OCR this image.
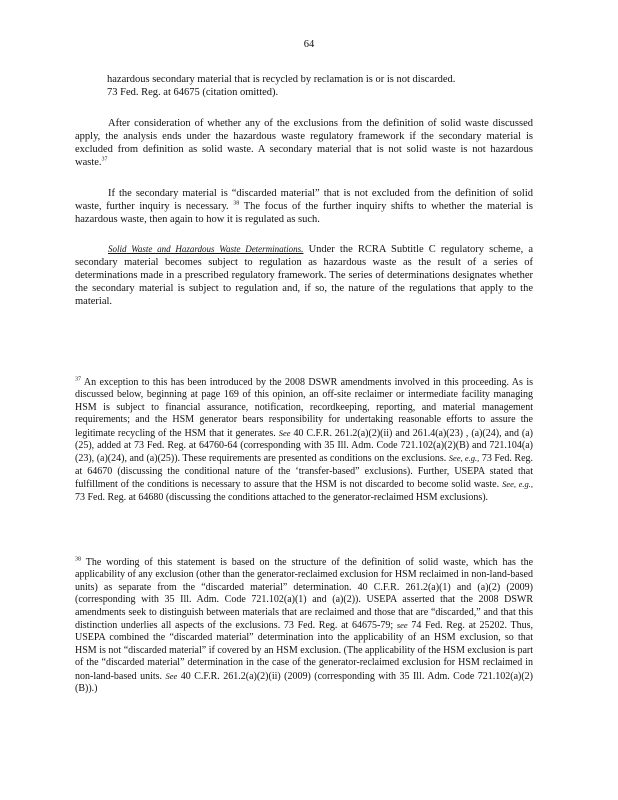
64
hazardous secondary material that is recycled by reclamation is or is not discarded. 73 Fed. Reg. at 64675 (citation omitted).

After consideration of whether any of the exclusions from the definition of solid waste discussed apply, the analysis ends under the hazardous waste regulatory framework if the secondary material is excluded from definition as solid waste. A secondary material that is not solid waste is not hazardous waste.$^{37}$

If the secondary material is “discarded material” that is not excluded from the definition of solid waste, further inquiry is necessary. $^{38}$ The focus of the further inquiry shifts to whether the material is hazardous waste, then again to how it is regulated as such.

Solid Waste and Hazardous Waste Determinations. Under the RCRA Subtitle C regulatory scheme, a secondary material becomes subject to regulation as hazardous waste as the result of a series of determinations made in a prescribed regulatory framework. The series of determinations designates whether the secondary material is subject to regulation and, if so, the nature of the regulations that apply to the material.

$^{37}$ An exception to this has been introduced by the 2008 DSWR amendments involved in this proceeding. As is discussed below, beginning at page 169 of this opinion, an off-site reclaimer or intermediate facility managing HSM is subject to financial assurance, notification, recordkeeping, reporting, and material management requirements; and the HSM generator bears responsibility for undertaking reasonable efforts to assure the legitimate recycling of the HSM that it generates. See 40 C.F.R. 261.2(a)(2)(ii) and 261.4(a)(23) , (a)(24), and (a)(25), added at 73 Fed. Reg. at 64760-64 (corresponding with 35 Ill. Adm. Code 721.102(a)(2)(B) and 721.104(a)(23), (a)(24), and (a)(25)). These requirements are presented as conditions on the exclusions. See, e.g., 73 Fed. Reg. at 64670 (discussing the conditional nature of the ‘transfer-based” exclusions). Further, USEPA stated that fulfillment of the conditions is necessary to assure that the HSM is not discarded to become solid waste. See, e.g., 73 Fed. Reg. at 64680 (discussing the conditions attached to the generator-reclaimed HSM exclusions).

$^{38}$ The wording of this statement is based on the structure of the definition of solid waste, which has the applicability of any exclusion (other than the generator-reclaimed exclusion for HSM reclaimed in non-land-based units) as separate from the “discarded material” determination. 40 C.F.R. 261.2(a)(1) and (a)(2) (2009) (corresponding with 35 Ill. Adm. Code 721.102(a)(1) and (a)(2)). USEPA asserted that the 2008 DSWR amendments seek to distinguish between materials that are reclaimed and those that are “discarded,” and that this distinction underlies all aspects of the exclusions. 73 Fed. Reg. at 64675-79; see 74 Fed. Reg. at 25202. Thus, USEPA combined the “discarded material” determination into the applicability of an HSM exclusion, so that HSM is not “discarded material” if covered by an HSM exclusion. (The applicability of the HSM exclusion is part of the “discarded material” determination in the case of the generator-reclaimed exclusion for HSM reclaimed in non-land-based units. See 40 C.F.R. 261.2(a)(2)(ii) (2009) (corresponding with 35 Ill. Adm. Code 721.102(a)(2)(B)).)
